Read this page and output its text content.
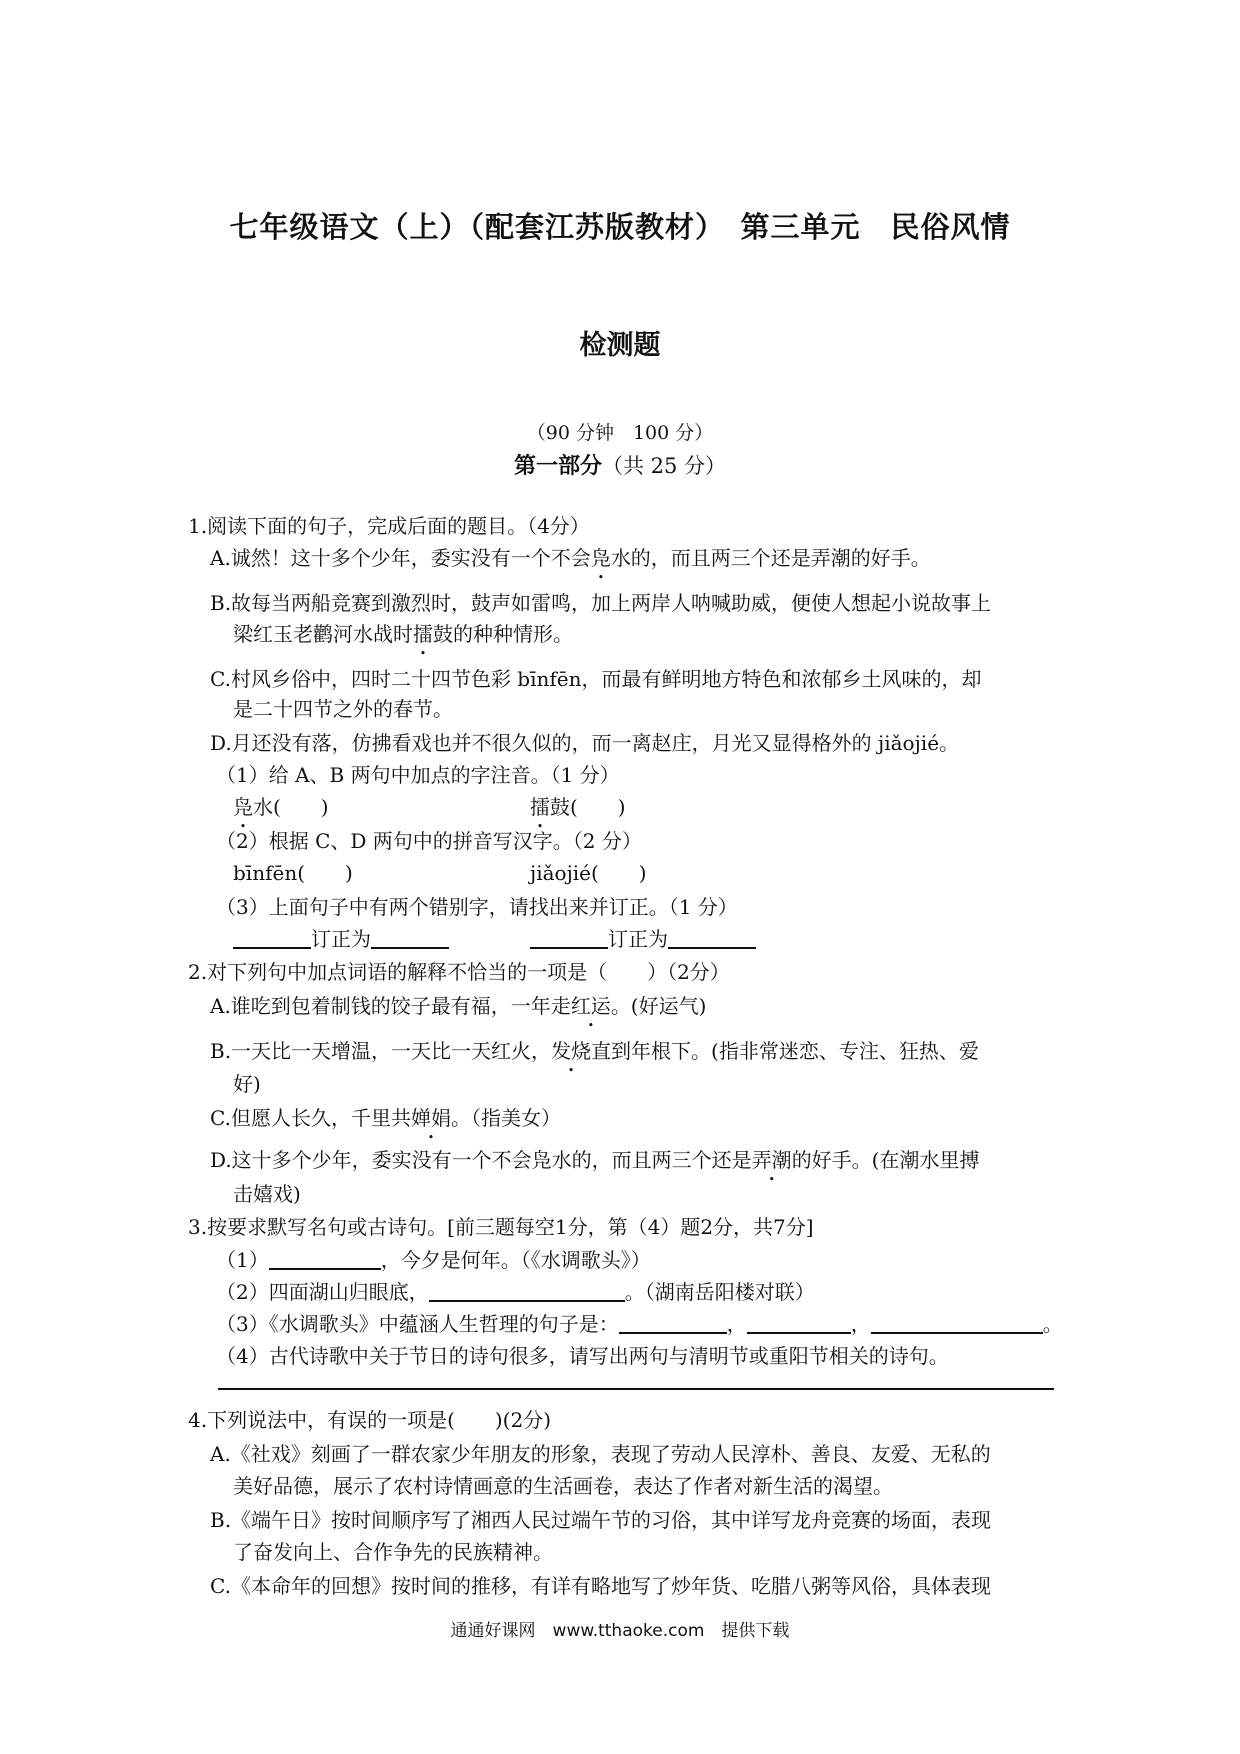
七年级语文（上）（配套江苏版教材）　第三单元　民俗风情
检测题
（90 分钟　100 分）
第一部分（共 25 分）
1.阅读下面的句子，完成后面的题目。（4分）
A.诚然！这十多个少年，委实没有一个不会凫水的，而且两三个还是弄潮的好手。
B.故每当两船竞赛到激烈时，鼓声如雷鸣，加上两岸人呐喊助威，便使人想起小说故事上
梁红玉老鹳河水战时擂鼓的种种情形。
C.村风乡俗中，四时二十四节色彩 bīnfēn，而最有鲜明地方特色和浓郁乡土风味的，却
是二十四节之外的春节。
D.月还没有落，仿拂看戏也并不很久似的，而一离赵庄，月光又显得格外的 jiǎojié。
（1）给 A、B 两句中加点的字注音。（1 分）
凫水(　　)	擂鼓(　　)
（2）根据 C、D 两句中的拼音写汉字。（2 分）
bīnfēn(　　)	jiǎojié(　　)
（3）上面句子中有两个错别字，请找出来并订正。（1 分）
订正为	订正为
2.对下列句中加点词语的解释不恰当的一项是（　　）（2分）
A.谁吃到包着制钱的饺子最有福，一年走红运。(好运气)
B.一天比一天增温，一天比一天红火，发烧直到年根下。(指非常迷恋、专注、狂热、爱
好)
C.但愿人长久，千里共婵娟。（指美女）
D.这十多个少年，委实没有一个不会凫水的，而且两三个还是弄潮的好手。(在潮水里搏
击嬉戏)
3.按要求默写名句或古诗句。[前三题每空1分，第（4）题2分，共7分]
（1）	，今夕是何年。（《水调歌头》）
（2）四面湖山归眼底，	。（湖南岳阳楼对联）
（3）《水调歌头》中蕴涵人生哲理的句子是：	，	，	。
（4）古代诗歌中关于节日的诗句很多，请写出两句与清明节或重阳节相关的诗句。
4.下列说法中，有误的一项是(　　)(2分)
A.《社戏》刻画了一群农家少年朋友的形象，表现了劳动人民淳朴、善良、友爱、无私的
美好品德，展示了农村诗情画意的生活画卷，表达了作者对新生活的渴望。
B.《端午日》按时间顺序写了湘西人民过端午节的习俗，其中详写龙舟竞赛的场面，表现
了奋发向上、合作争先的民族精神。
C.《本命年的回想》按时间的推移，有详有略地写了炒年货、吃腊八粥等风俗，具体表现
通通好课网　www.tthaoke.com　提供下载
